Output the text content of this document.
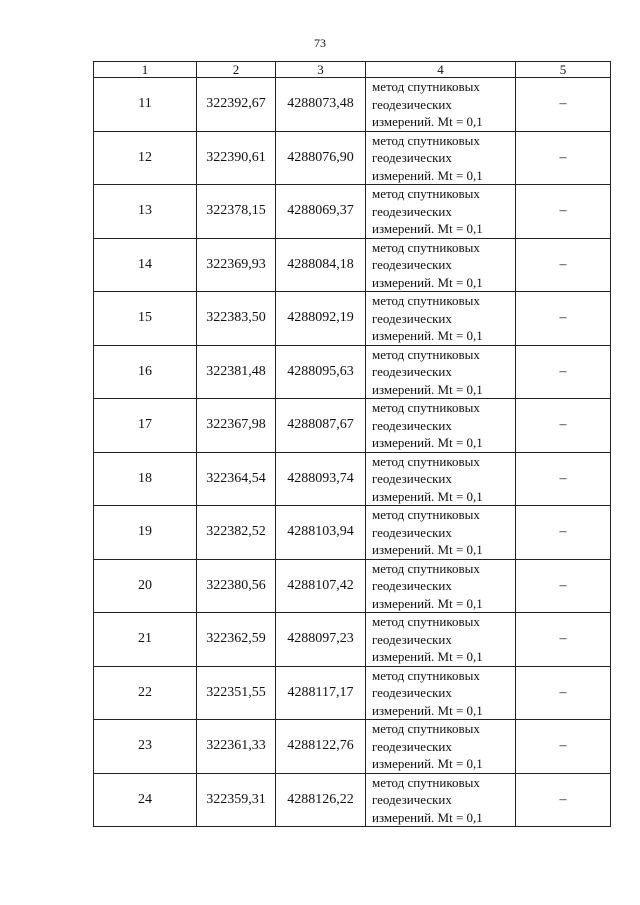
73
1	2	3	4	5
11	322392,67	4288073,48	метод спутниковых
геодезических
измерений. Mt = 0,1	–
12	322390,61	4288076,90	метод спутниковых
геодезических
измерений. Mt = 0,1	–
13	322378,15	4288069,37	метод спутниковых
геодезических
измерений. Mt = 0,1	–
14	322369,93	4288084,18	метод спутниковых
геодезических
измерений. Mt = 0,1	–
15	322383,50	4288092,19	метод спутниковых
геодезических
измерений. Mt = 0,1	–
16	322381,48	4288095,63	метод спутниковых
геодезических
измерений. Mt = 0,1	–
17	322367,98	4288087,67	метод спутниковых
геодезических
измерений. Mt = 0,1	–
18	322364,54	4288093,74	метод спутниковых
геодезических
измерений. Mt = 0,1	–
19	322382,52	4288103,94	метод спутниковых
геодезических
измерений. Mt = 0,1	–
20	322380,56	4288107,42	метод спутниковых
геодезических
измерений. Mt = 0,1	–
21	322362,59	4288097,23	метод спутниковых
геодезических
измерений. Mt = 0,1	–
22	322351,55	4288117,17	метод спутниковых
геодезических
измерений. Mt = 0,1	–
23	322361,33	4288122,76	метод спутниковых
геодезических
измерений. Mt = 0,1	–
24	322359,31	4288126,22	метод спутниковых
геодезических
измерений. Mt = 0,1	–
